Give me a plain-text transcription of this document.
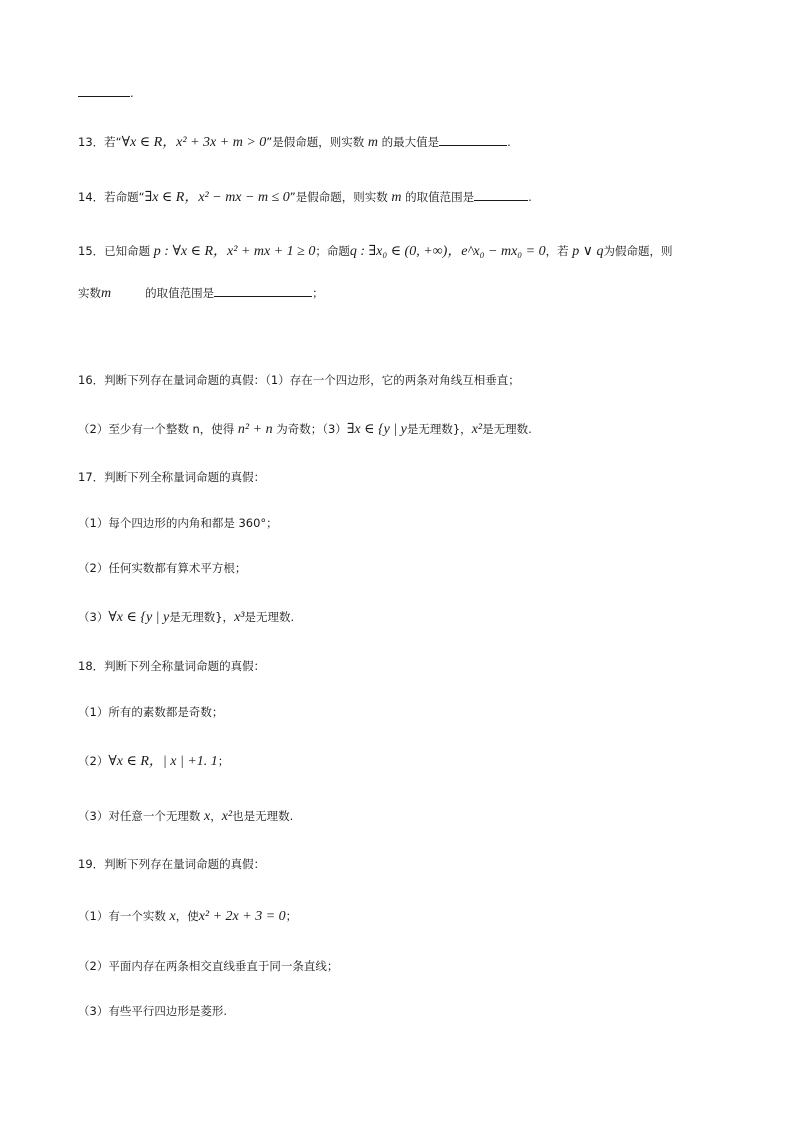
.
13．若“∀x ∈ R，x² + 3x + m > 0”是假命题，则实数 m 的最大值是	.
14．若命题“∃x ∈ R，x² − mx − m ≤ 0”是假命题，则实数 m 的取值范围是	.
15．已知命题 p : ∀x ∈ R，x² + mx + 1 ≥ 0；命题q : ∃x₀ ∈ (0, +∞)，e^x₀ − mx₀ = 0，若 p ∨ q为假命题，则
实数m	的取值范围是	；
16．判断下列存在量词命题的真假：（1）存在一个四边形，它的两条对角线互相垂直；
（2）至少有一个整数 n，使得 n² + n 为奇数；（3）∃x ∈ {y | y是无理数}，x²是无理数.
17．判断下列全称量词命题的真假：
（1）每个四边形的内角和都是 360°；
（2）任何实数都有算术平方根；
（3）∀x ∈ {y | y是无理数}，x³是无理数.
18．判断下列全称量词命题的真假：
（1）所有的素数都是奇数；
（2）∀x ∈ R，| x | +1. 1；
（3）对任意一个无理数 x，x²也是无理数.
19．判断下列存在量词命题的真假：
（1）有一个实数 x，使x² + 2x + 3 = 0；
（2）平面内存在两条相交直线垂直于同一条直线；
（3）有些平行四边形是菱形.
